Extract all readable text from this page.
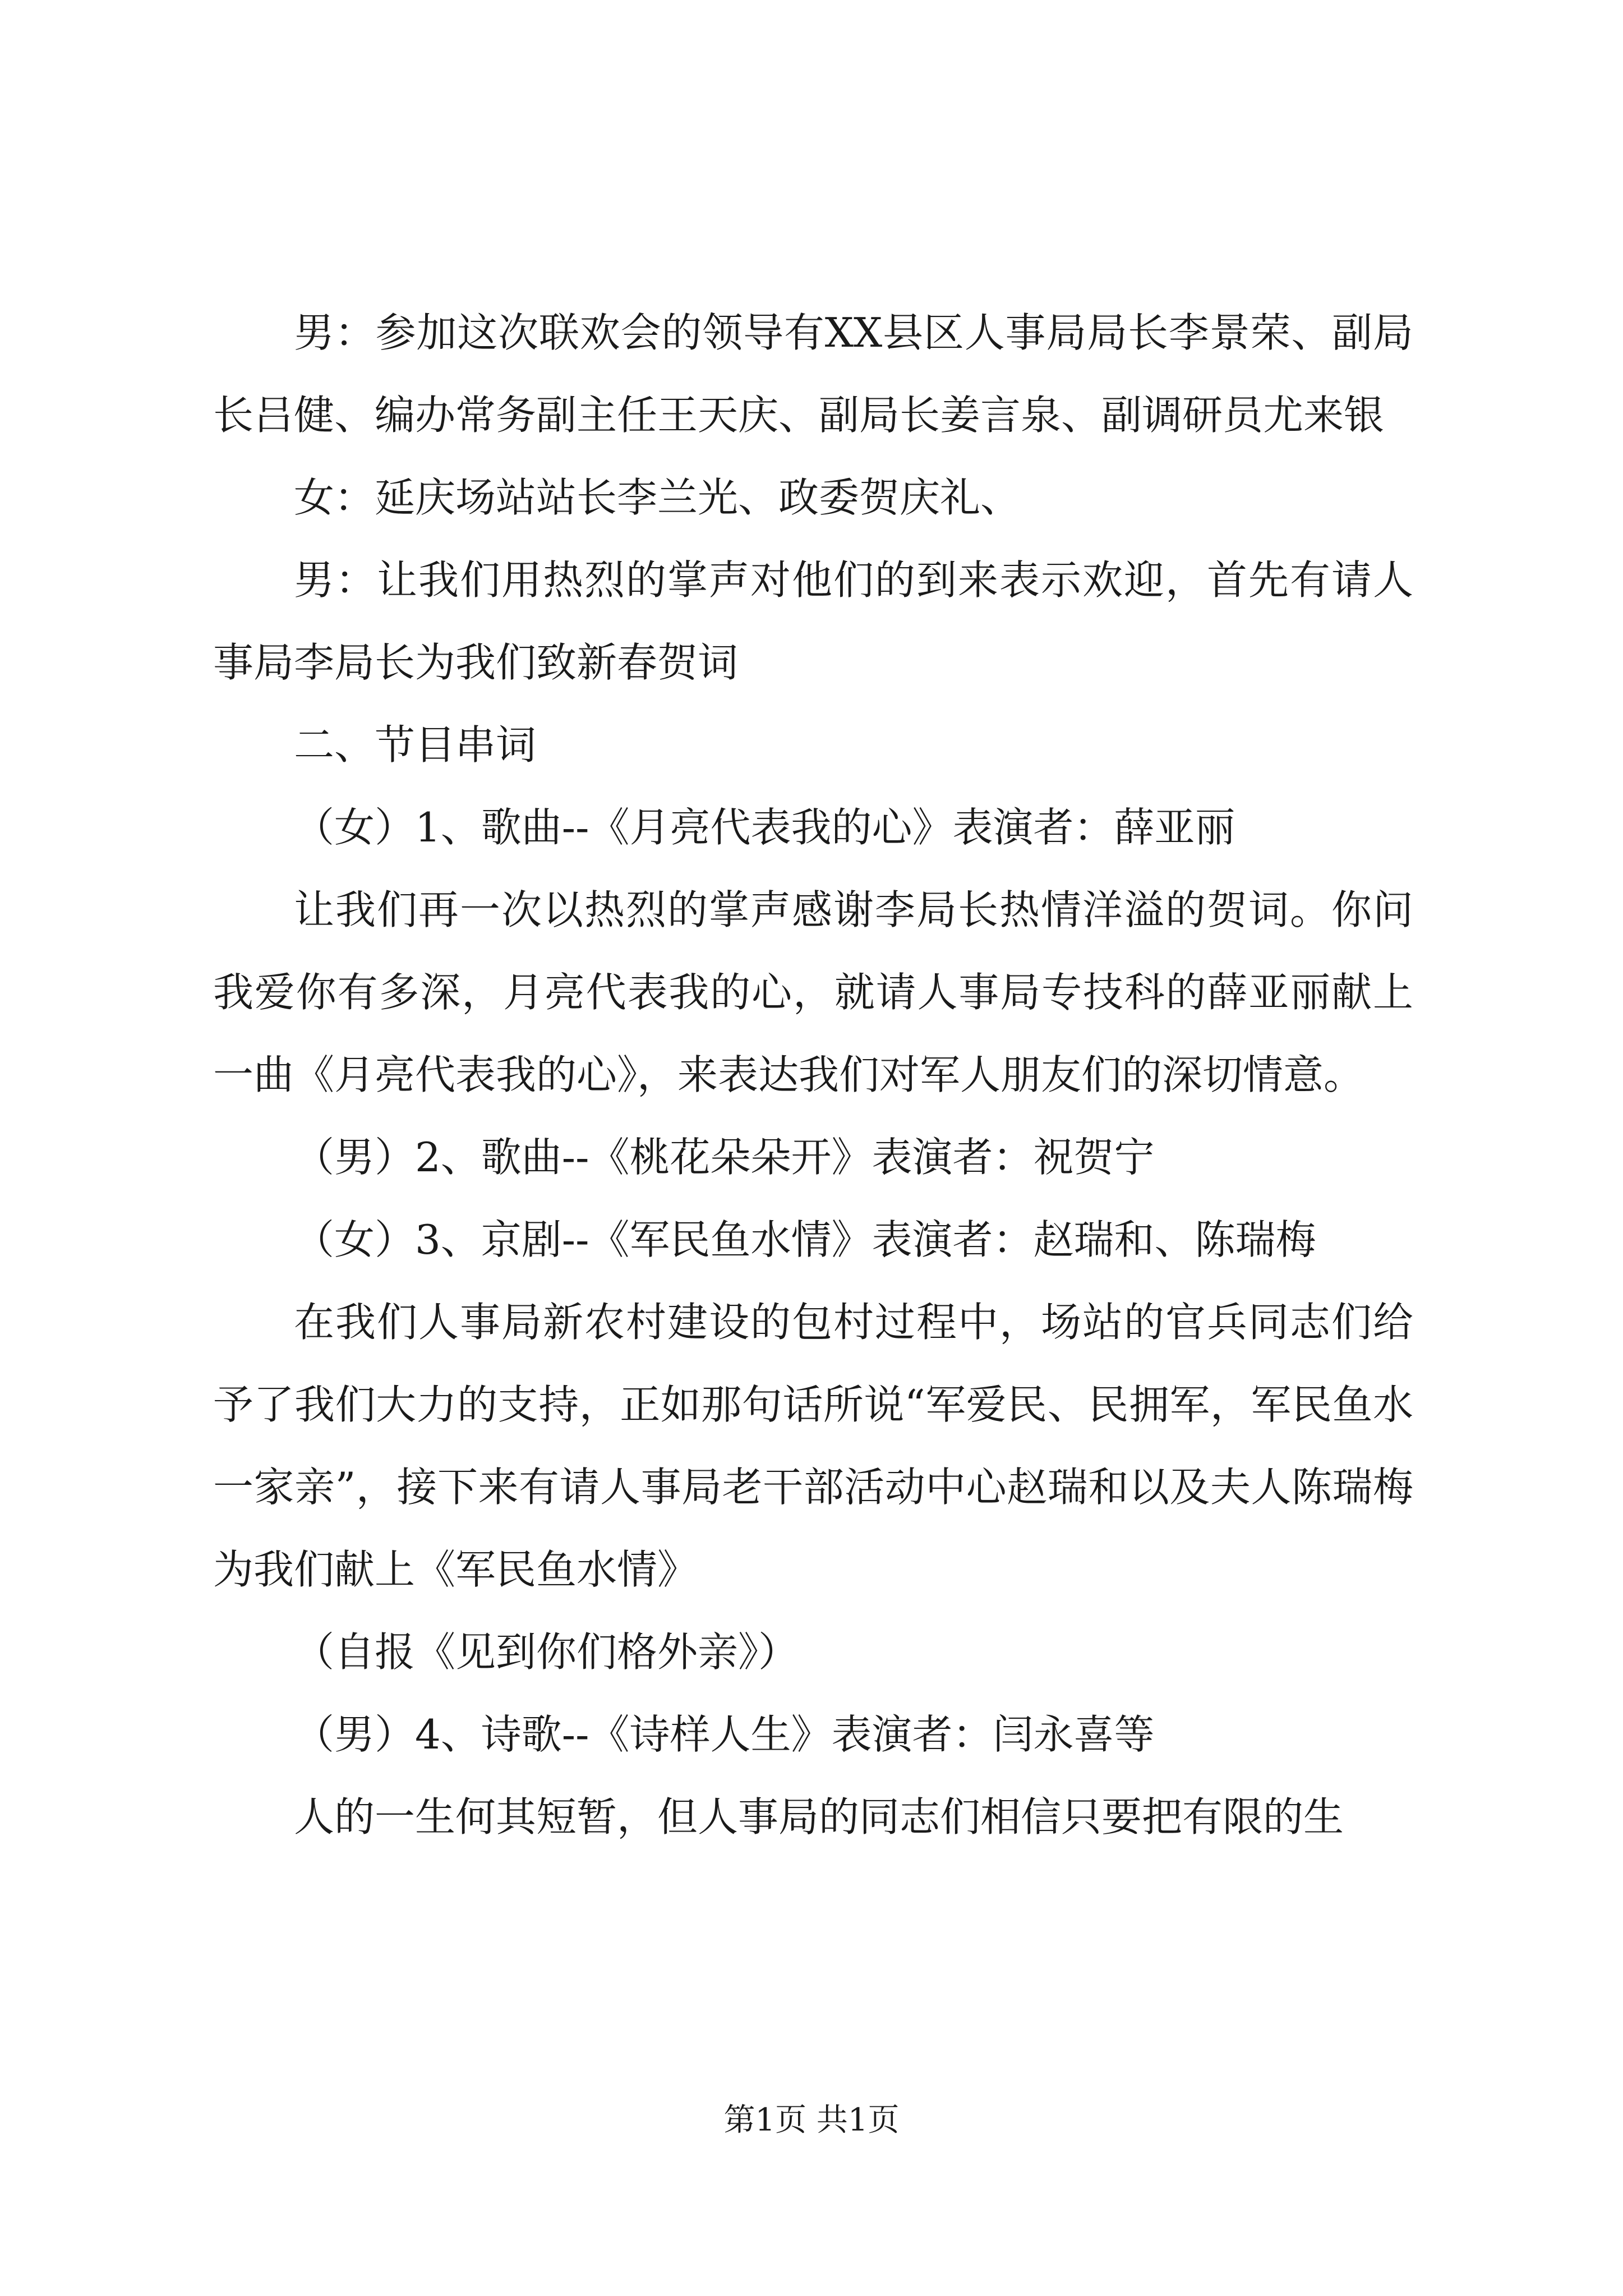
男：参加这次联欢会的领导有XX县区人事局局长李景荣、副局长吕健、编办常务副主任王天庆、副局长姜言泉、副调研员尤来银

女：延庆场站站长李兰光、政委贺庆礼、

男：让我们用热烈的掌声对他们的到来表示欢迎，首先有请人事局李局长为我们致新春贺词

二、节目串词

（女）1、歌曲--《月亮代表我的心》表演者：薛亚丽

让我们再一次以热烈的掌声感谢李局长热情洋溢的贺词。你问我爱你有多深，月亮代表我的心，就请人事局专技科的薛亚丽献上一曲《月亮代表我的心》，来表达我们对军人朋友们的深切情意。

（男）2、歌曲--《桃花朵朵开》表演者：祝贺宁

（女）3、京剧--《军民鱼水情》表演者：赵瑞和、陈瑞梅

在我们人事局新农村建设的包村过程中，场站的官兵同志们给予了我们大力的支持，正如那句话所说“军爱民、民拥军，军民鱼水一家亲”，接下来有请人事局老干部活动中心赵瑞和以及夫人陈瑞梅为我们献上《军民鱼水情》

（自报《见到你们格外亲》）

（男）4、诗歌--《诗样人生》表演者：闫永喜等

人的一生何其短暂，但人事局的同志们相信只要把有限的生

第1页 共1页
